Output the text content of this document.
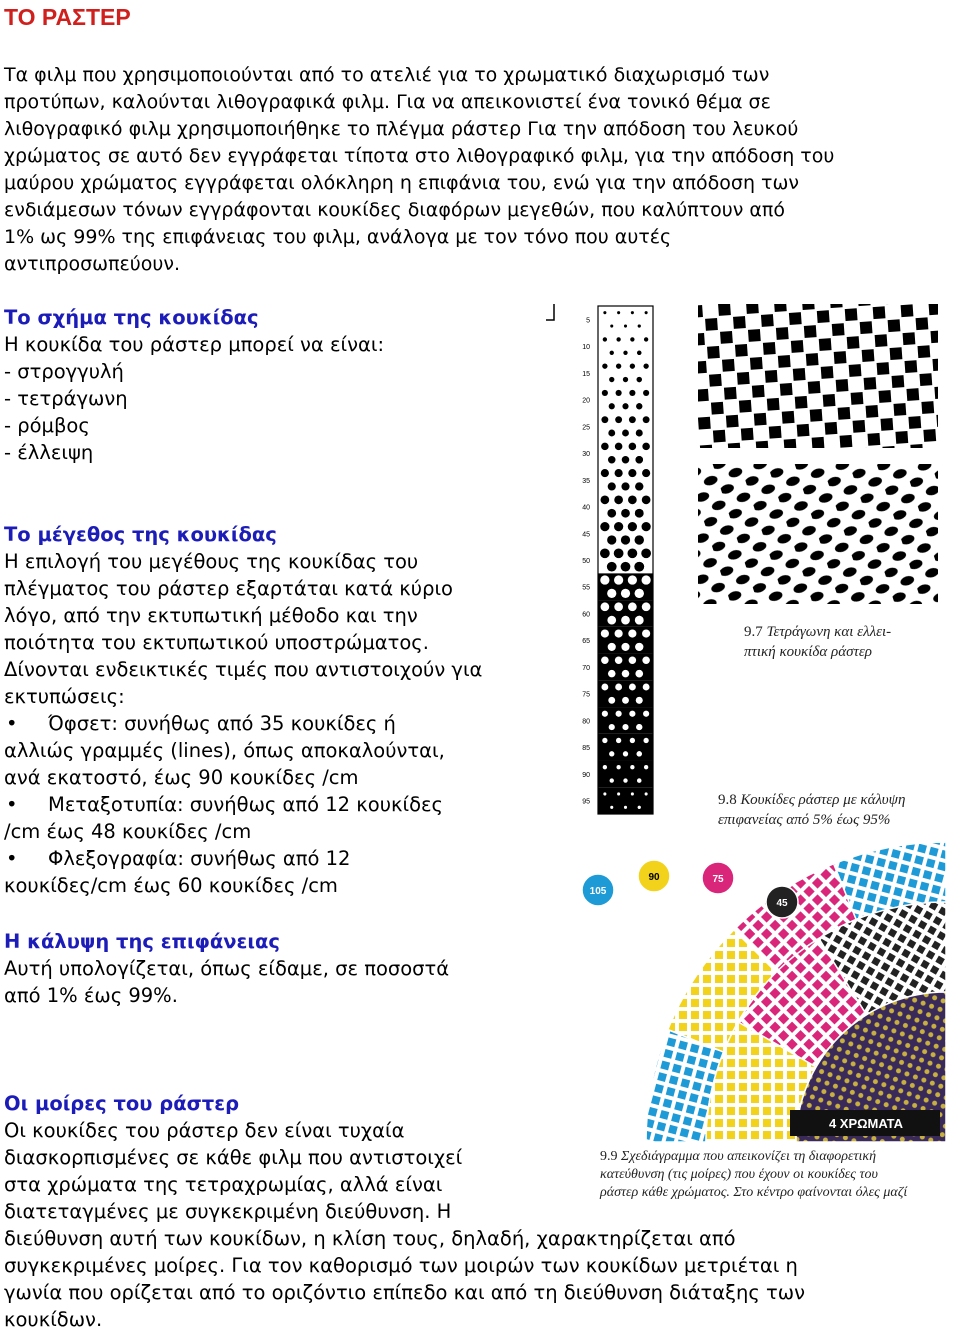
ΤΟ ΡΑΣΤΕΡ
Τα φιλμ που χρησιμοποιούνται από το ατελιέ για το χρωματικό διαχωρισμό των
προτύπων, καλούνται λιθογραφικά φιλμ. Για να απεικονιστεί ένα τονικό θέμα σε
λιθογραφικό φιλμ χρησιμοποιήθηκε το πλέγμα ράστερ Για την απόδοση του λευκού
χρώματος σε αυτό δεν εγγράφεται τίποτα στο λιθογραφικό φιλμ, για την απόδοση του
μαύρου χρώματος εγγράφεται ολόκληρη η επιφάνια του, ενώ για την απόδοση των
ενδιάμεσων τόνων εγγράφονται κουκίδες διαφόρων μεγεθών, που καλύπτουν από
1% ως 99% της επιφάνειας του φιλμ, ανάλογα με τον τόνο που αυτές
αντιπροσωπεύουν.
Το σχήμα της κουκίδας
Η κουκίδα του ράστερ μπορεί να είναι:
- στρογγυλή
- τετράγωνη
- ρόμβος
- έλλειψη
Το μέγεθος της κουκίδας
Η επιλογή του μεγέθους της κουκίδας του
πλέγματος του ράστερ εξαρτάται κατά κύριο
λόγο, από την εκτυπωτική μέθοδο και την
ποιότητα του εκτυπωτικού υποστρώματος.
Δίνονται ενδεικτικές τιμές που αντιστοιχούν για
εκτυπώσεις:
• Όφσετ: συνήθως από 35 κουκίδες ή
αλλιώς γραμμές (lines), όπως αποκαλούνται,
ανά εκατοστό, έως 90 κουκίδες /cm
• Μεταξοτυπία: συνήθως από 12 κουκίδες
/cm έως 48 κουκίδες /cm
• Φλεξογραφία: συνήθως από 12
κουκίδες/cm έως 60 κουκίδες /cm
Η κάλυψη της επιφάνειας
Αυτή υπολογίζεται, όπως είδαμε, σε ποσοστά
από 1% έως 99%.
Οι μοίρες του ράστερ
Οι κουκίδες του ράστερ δεν είναι τυχαία
διασκορπισμένες σε κάθε φιλμ που αντιστοιχεί
στα χρώματα της τετραχρωμίας, αλλά είναι
διατεταγμένες με συγκεκριμένη διεύθυνση. Η
διεύθυνση αυτή των κουκίδων, η κλίση τους, δηλαδή, χαρακτηρίζεται από
συγκεκριμένες μοίρες. Για τον καθορισμό των μοιρών των κουκίδων μετριέται η
γωνία που ορίζεται από το οριζόντιο επίπεδο και από τη διεύθυνση διάταξης των
κουκίδων.
5
10
15
20
25
30
35
40
45
50
55
60
65
70
75
80
85
90
95
9.7 Τετράγωνη και ελλει-
πτική κουκίδα ράστερ
9.8 Κουκίδες ράστερ με κάλυψη
επιφανείας από 5% έως 95%
105
90	75
45
4 ΧΡΩΜΑΤΑ
9.9 Σχεδιάγραμμα που απεικονίζει τη διαφορετική
κατεύθυνση (τις μοίρες) που έχουν οι κουκίδες του
ράστερ κάθε χρώματος. Στο κέντρο φαίνονται όλες μαζί
